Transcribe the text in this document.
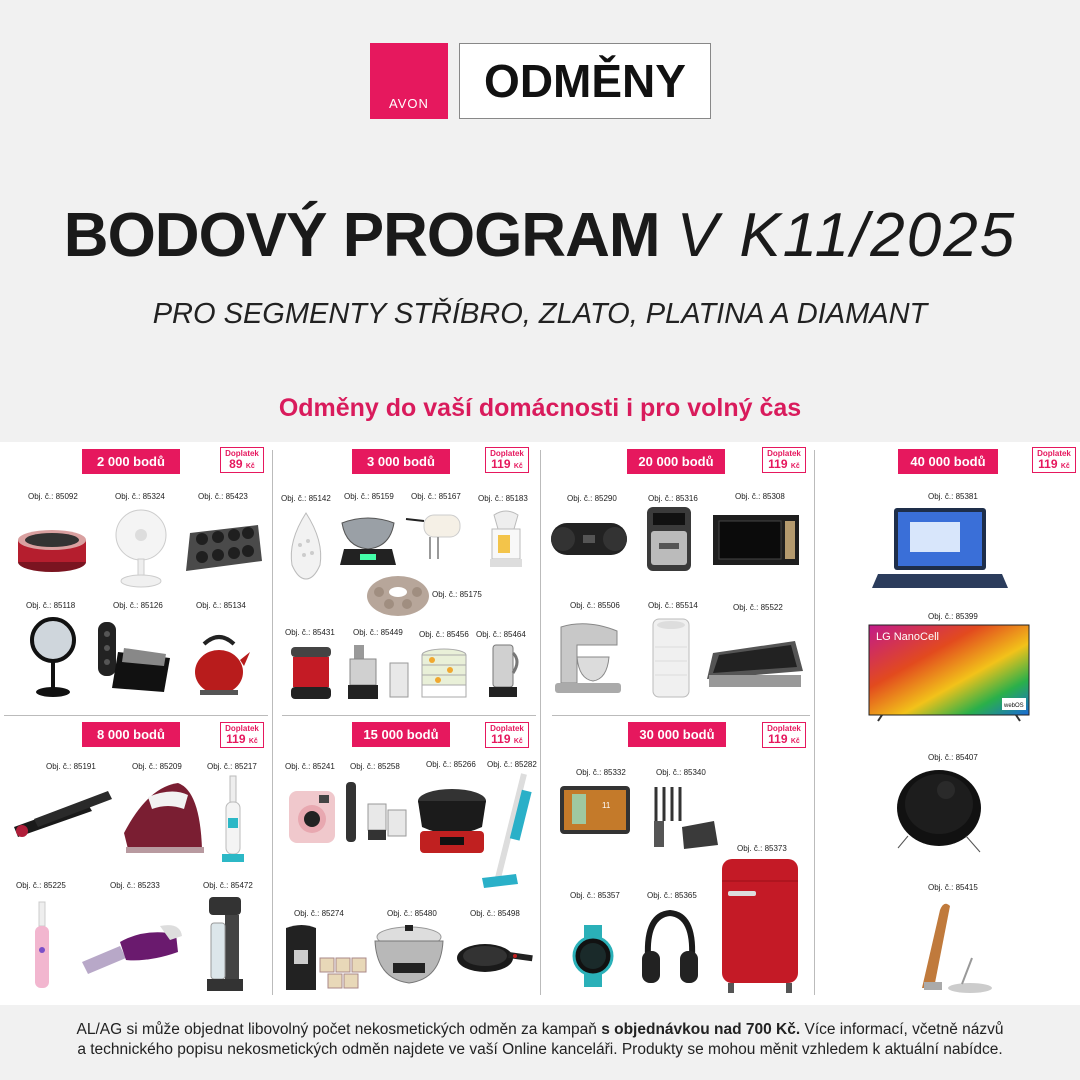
AVON	ODMĚNY
BODOVÝ PROGRAM V K11/2025
PRO SEGMENTY STŘÍBRO, ZLATO, PLATINA A DIAMANT
Odměny do vaší domácnosti i pro volný čas
2 000 bodů
Doplatek
89 Kč	3 000 bodů
Doplatek
119 Kč	20 000 bodů
Doplatek
119 Kč	40 000 bodů
Doplatek
119 Kč
8 000 bodů	Doplatek
119 Kč	15 000 bodů	Doplatek
119 Kč	30 000 bodů	Doplatek
119 Kč
Obj. č.: 85092	Obj. č.: 85324	Obj. č.: 85423
Obj. č.: 85118	Obj. č.: 85126	Obj. č.: 85134
Obj. č.: 85142 Obj. č.: 85159 Obj. č.: 85167 Obj. č.: 85183
Obj. č.: 85175
Obj. č.: 85431 Obj. č.: 85449 Obj. č.: 85456 Obj. č.: 85464
Obj. č.: 85290	Obj. č.: 85316	Obj. č.: 85308
Obj. č.: 85506	Obj. č.: 85514	Obj. č.: 85522
Obj. č.: 85381
Obj. č.: 85399
Obj. č.: 85407
Obj. č.: 85415
Obj. č.: 85191	Obj. č.: 85209	Obj. č.: 85217
Obj. č.: 85225	Obj. č.: 85233	Obj. č.: 85472
Obj. č.: 85241 Obj. č.: 85258	Obj. č.: 85266 Obj. č.: 85282
Obj. č.: 85274	Obj. č.: 85480	Obj. č.: 85498
Obj. č.: 85332	Obj. č.: 85340
Obj. č.: 85373
Obj. č.: 85357	Obj. č.: 85365
LG NanoCell
webOS
11
AL/AG si může objednat libovolný počet nekosmetických odměn za kampaň s objednávkou nad 700 Kč. Více informací, včetně názvů
a technického popisu nekosmetických odměn najdete ve vaší Online kanceláři. Produkty se mohou měnit vzhledem k aktuální nabídce.
